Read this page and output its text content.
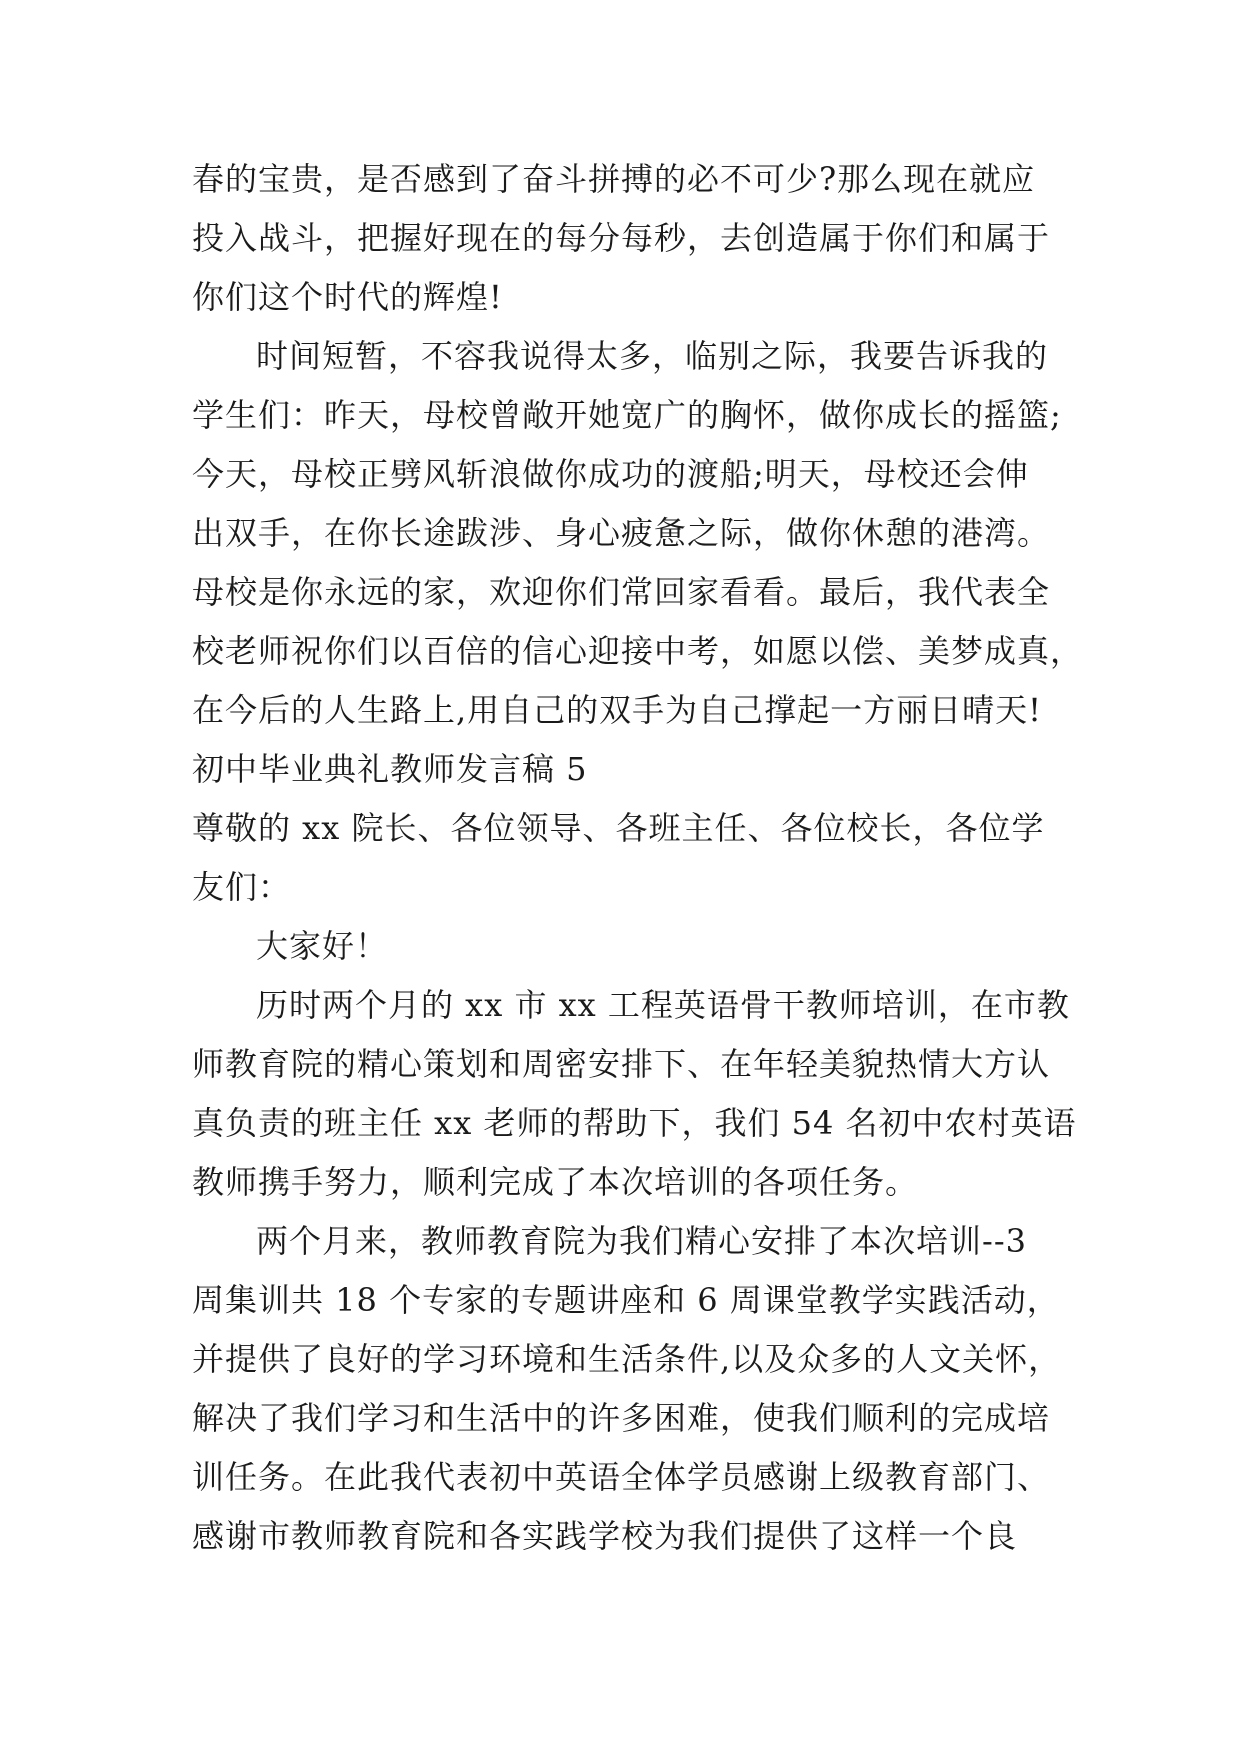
春的宝贵，是否感到了奋斗拼搏的必不可少?那么现在就应
投入战斗，把握好现在的每分每秒，去创造属于你们和属于
你们这个时代的辉煌!
时间短暂，不容我说得太多，临别之际，我要告诉我的
学生们：昨天，母校曾敞开她宽广的胸怀，做你成长的摇篮;
今天，母校正劈风斩浪做你成功的渡船;明天，母校还会伸
出双手，在你长途跋涉、身心疲惫之际，做你休憩的港湾。
母校是你永远的家，欢迎你们常回家看看。最后，我代表全
校老师祝你们以百倍的信心迎接中考，如愿以偿、美梦成真，
在今后的人生路上,用自己的双手为自己撑起一方丽日晴天!
初中毕业典礼教师发言稿 5
尊敬的 xx 院长、各位领导、各班主任、各位校长，各位学
友们：
大家好！
历时两个月的 xx 市 xx 工程英语骨干教师培训，在市教
师教育院的精心策划和周密安排下、在年轻美貌热情大方认
真负责的班主任 xx 老师的帮助下，我们 54 名初中农村英语
教师携手努力，顺利完成了本次培训的各项任务。
两个月来，教师教育院为我们精心安排了本次培训--3
周集训共 18 个专家的专题讲座和 6 周课堂教学实践活动，
并提供了良好的学习环境和生活条件,以及众多的人文关怀，
解决了我们学习和生活中的许多困难，使我们顺利的完成培
训任务。在此我代表初中英语全体学员感谢上级教育部门、
感谢市教师教育院和各实践学校为我们提供了这样一个良
